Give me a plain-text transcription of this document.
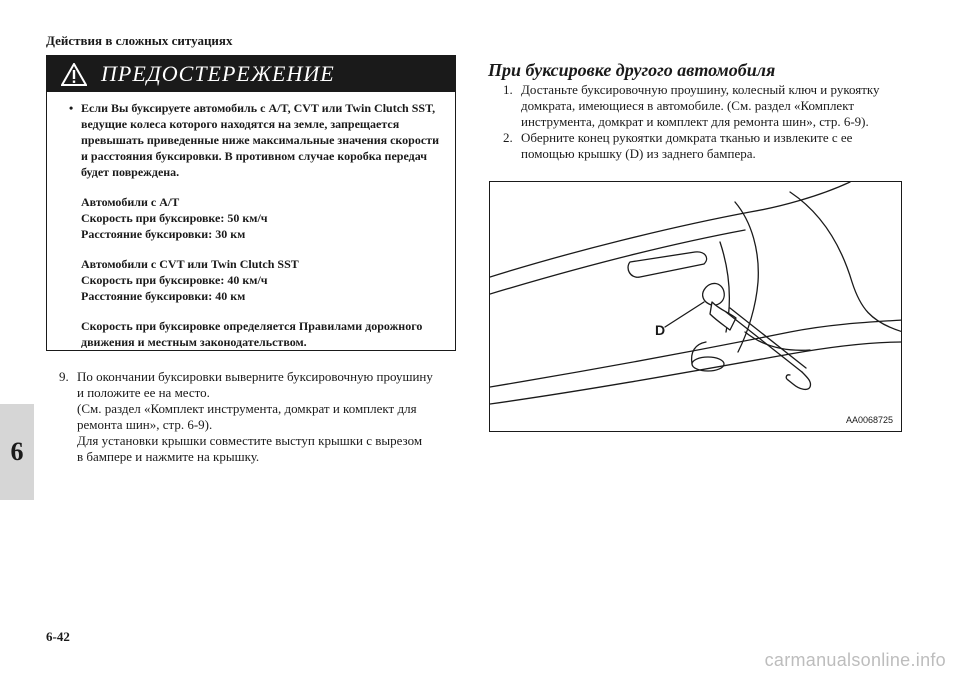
Действия в сложных ситуациях
ПРЕДОСТЕРЕЖЕНИЕ
• Если Вы буксируете автомобиль с A/T, CVT или Twin Clutch SST, ведущие колеса которого находятся на земле, запрещается превышать приведенные ниже максимальные значения скорости и расстояния буксировки. В противном случае коробка передач будет повреждена.
Автомобили с A/T
Скорость при буксировке: 50 км/ч
Расстояние буксировки: 30 км
Автомобили с CVT или Twin Clutch SST
Скорость при буксировке: 40 км/ч
Расстояние буксировки: 40 км
Скорость при буксировке определяется Правилами дорожного движения и местным законодательством.
9. По окончании буксировки выверните буксировочную проушину
и положите ее на место.
(См. раздел «Комплект инструмента, домкрат и комплект для
ремонта шин», стр. 6-9).
Для установки крышки совместите выступ крышки с вырезом
в бампере и нажмите на крышку.
При буксировке другого автомобиля
1. Достаньте буксировочную проушину, колесный ключ и рукоятку домкрата, имеющиеся в автомобиле. (См. раздел «Комплект инструмента, домкрат и комплект для ремонта шин», стр. 6-9).
2. Оберните конец рукоятки домкрата тканью и извлеките с ее помощью крышку (D) из заднего бампера.
D
AA0068725
6
6-42
carmanualsonline.info
